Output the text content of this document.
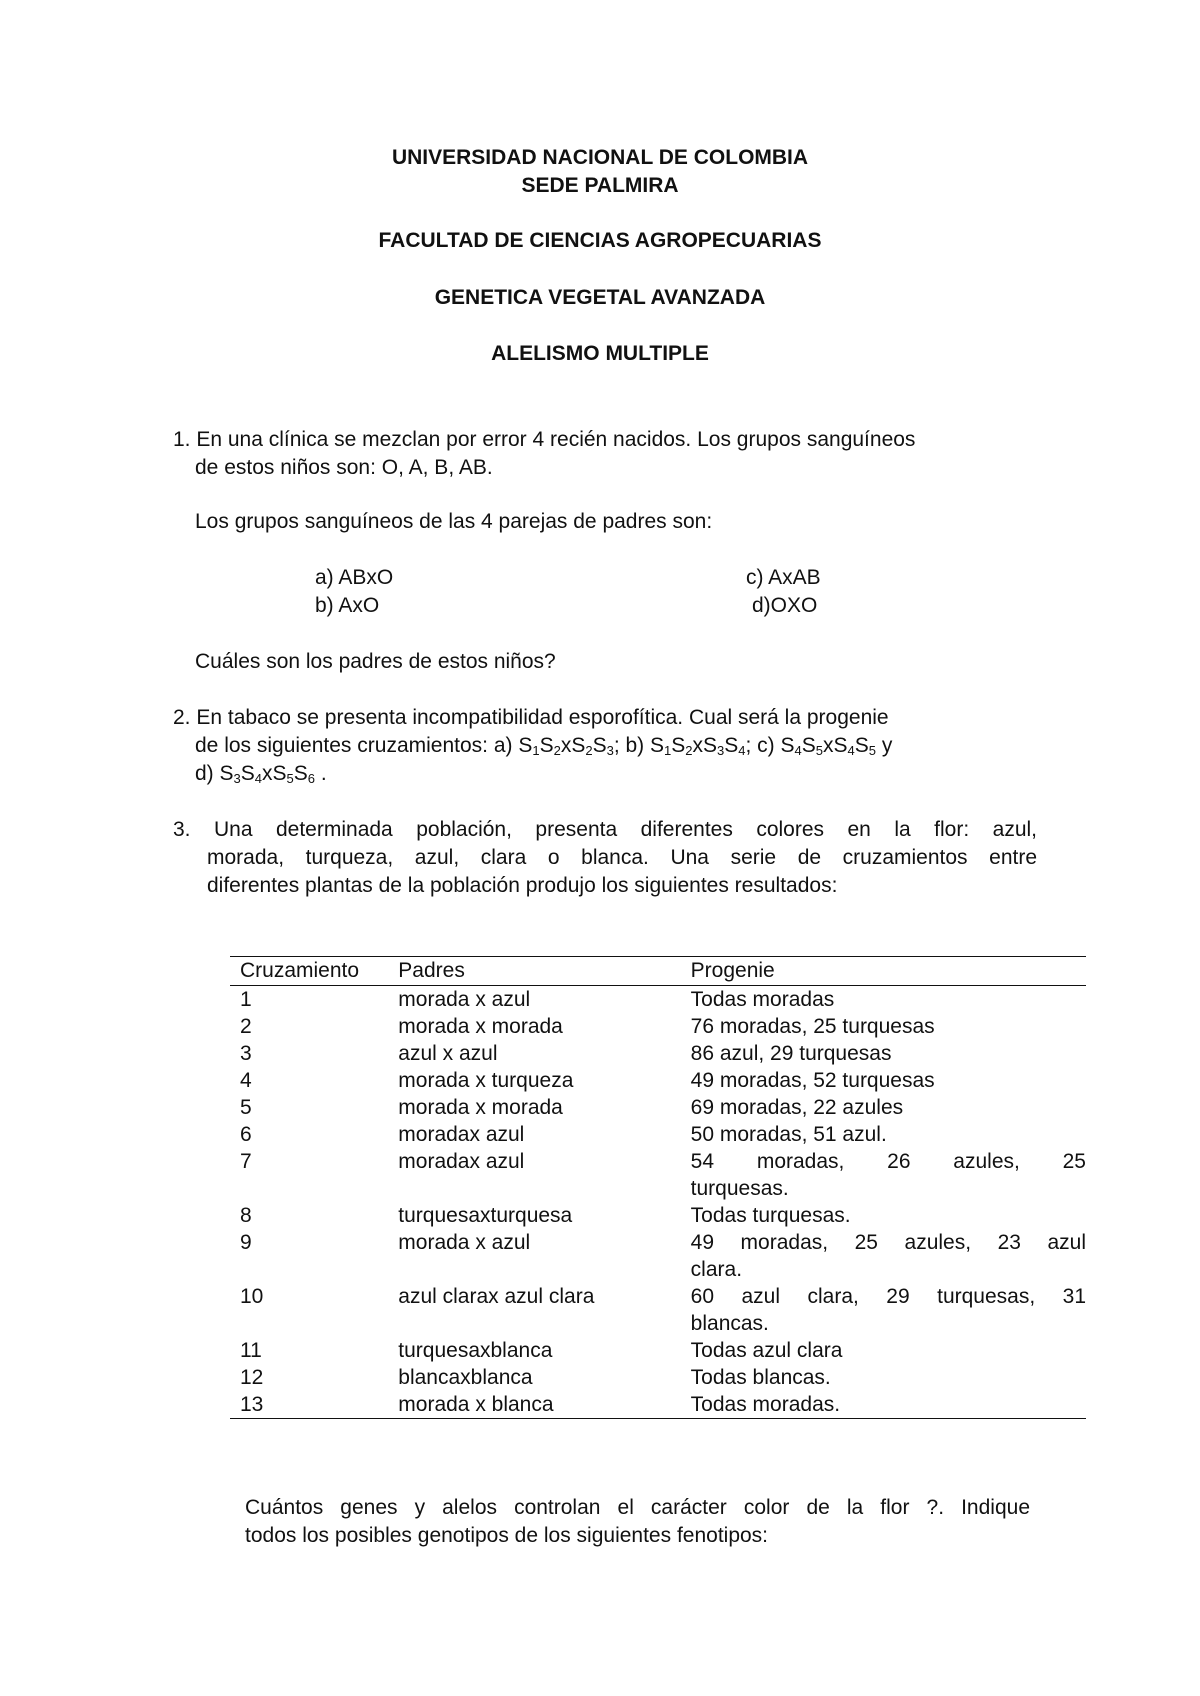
UNIVERSIDAD NACIONAL DE COLOMBIA
SEDE PALMIRA
FACULTAD DE CIENCIAS AGROPECUARIAS
GENETICA VEGETAL AVANZADA
ALELISMO MULTIPLE
1. En una clínica se mezclan por error 4 recién nacidos. Los grupos sanguíneos
de estos niños son: O, A, B, AB.
Los grupos sanguíneos de las 4 parejas de padres son:
a) ABxO
b) AxO
c) AxAB
d)OXO
Cuáles son los padres de estos niños?
2. En tabaco se presenta incompatibilidad esporofítica. Cual será la progenie
de los siguientes cruzamientos: a) $S_1S_2xS_2S_3$; b) $S_1S_2xS_3S_4$; c) $S_4S_5xS_4S_5$ y
d) $S_3S_4xS_5S_6$ .
3. Una determinada población, presenta diferentes colores en la flor: azul,
morada, turqueza, azul, clara o blanca. Una serie de cruzamientos entre
diferentes plantas de la población produjo los siguientes resultados:
Cruzamiento	Padres	Progenie
1	morada x azul	Todas moradas
2	morada x morada	76 moradas, 25 turquesas
3	azul x azul	86 azul, 29 turquesas
4	morada x turqueza	49 moradas, 52 turquesas
5	morada x morada	69 moradas, 22 azules
6	moradax azul	50 moradas, 51 azul.
7	moradax azul	54 moradas, 26 azules, 25
turquesas.
8	turquesaxturquesa	Todas turquesas.
9	morada x azul	49 moradas, 25 azules, 23 azul
clara.
10	azul clarax azul clara	60 azul clara, 29 turquesas, 31
blancas.
11	turquesaxblanca	Todas azul clara
12	blancaxblanca	Todas blancas.
13	morada x blanca	Todas moradas.
Cuántos genes y alelos controlan el carácter color de la flor ?. Indique
todos los posibles genotipos de los siguientes fenotipos:
